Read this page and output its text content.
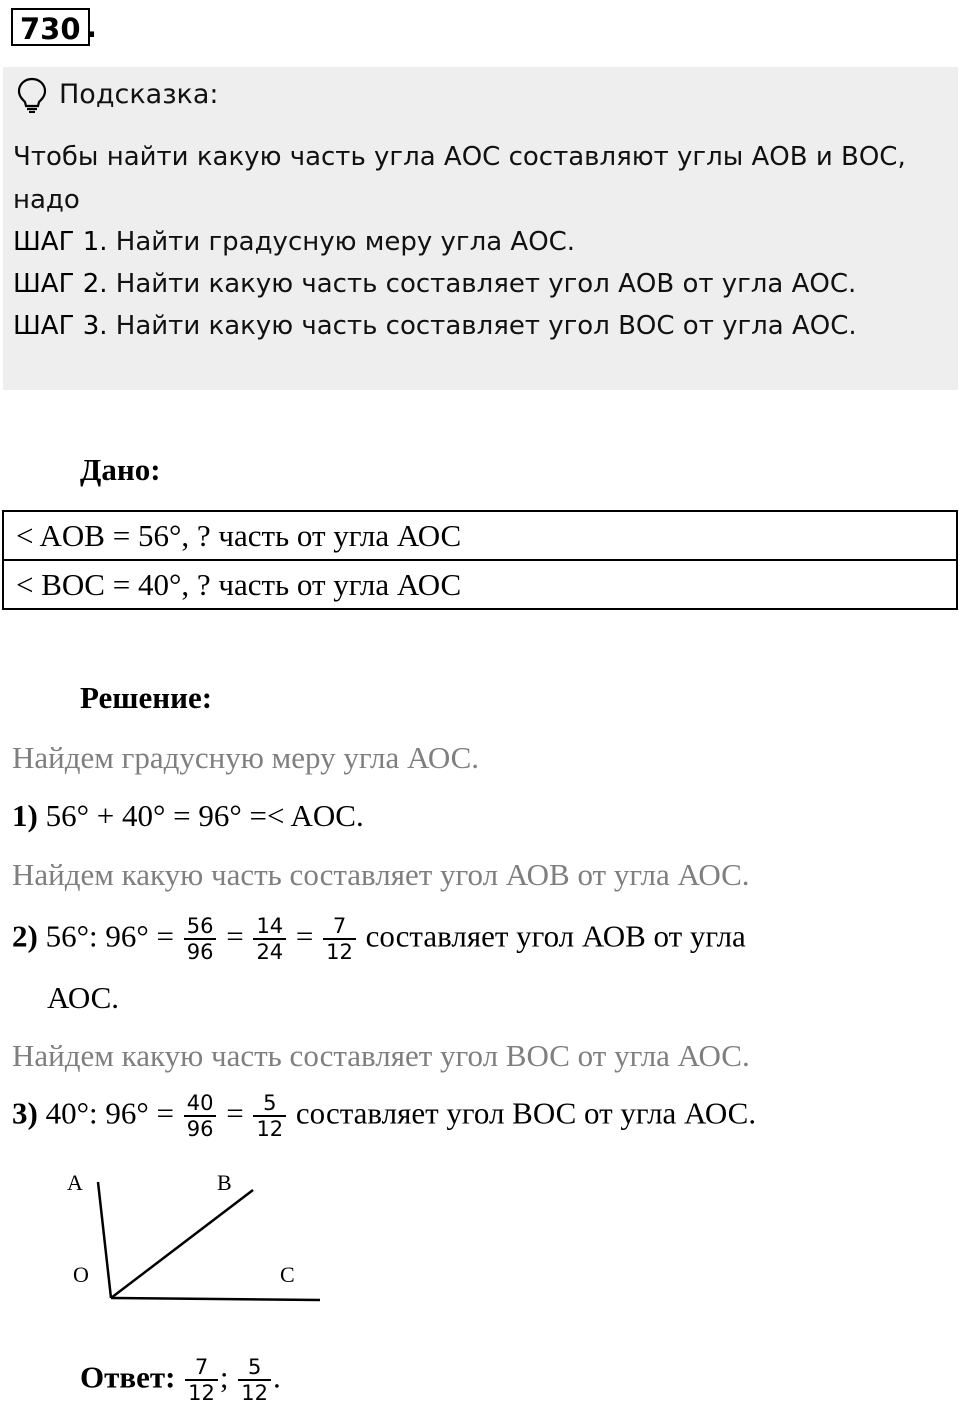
730 .
Подсказка:
Чтобы найти какую часть угла АОС составляют углы АОВ и ВОС,
надо
ШАГ 1. Найти градусную меру угла АОС.
ШАГ 2. Найти какую часть составляет угол АОВ от угла АОС.
ШАГ 3. Найти какую часть составляет угол ВОС от угла АОС.
Дано:
< AOB = 56°, ? часть от угла АОС
< BOC = 40°, ? часть от угла АОС
Решение:
Найдем градусную меру угла АОС.
1) 56° + 40° = 96° =< AOC.
Найдем какую часть составляет угол АОВ от угла АОС.
2) 56°: $96^\circ = \frac{56}{96} = \frac{14}{24} = \frac{7}{12}$ составляет угол АОВ от угла
АОС.
Найдем какую часть составляет угол ВОС от угла АОС.
3) 40°: $96^\circ = \frac{40}{96} = \frac{5}{12}$ составляет угол ВОС от угла АОС.
A	B
O	C
Ответ: $\frac{7}{12}$ ; $\frac{5}{12}$ .
